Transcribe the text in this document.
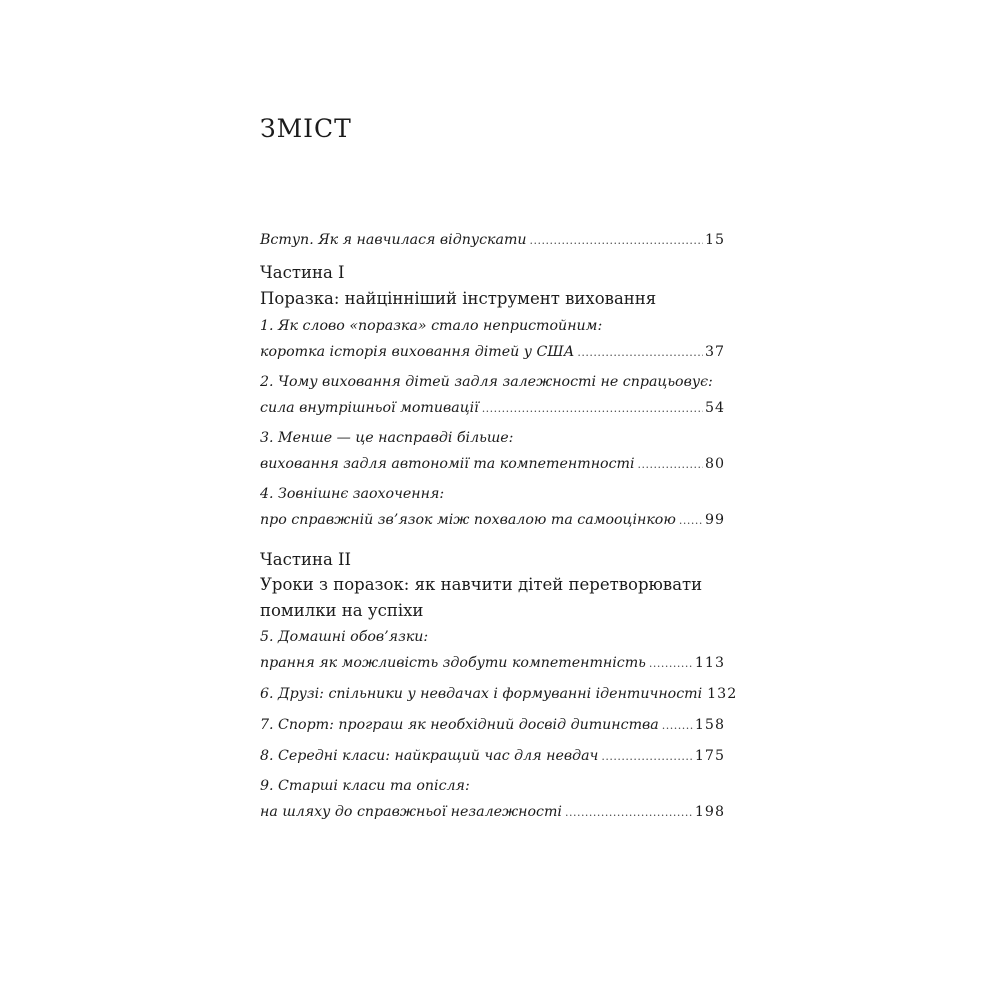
ЗМІСТ
Вступ. Як я навчилася відпускати .....	15
Частина І
Поразка: найцінніший інструмент виховання
1. Як слово «поразка» стало непристойним:
коротка історія виховання дітей у США .....	37
2. Чому виховання дітей задля залежності не спрацьовує:
сила внутрішньої мотивації .....	54
3. Менше — це насправді більше:
виховання задля автономії та компетентності .....	80
4. Зовнішнє заохочення:
про справжній зв’язок між похвалою та самооцінкою ..... 99
Частина ІІ
Уроки з поразок: як навчити дітей перетворювати
помилки на успіхи
5. Домашні обов’язки:
прання як можливість здобути компетентність .....	113
6. Друзі: спільники у невдачах і формуванні ідентичності 132
7. Спорт: програш як необхідний досвід дитинства .....	158
8. Середні класи: найкращий час для невдач .....	175
9. Старші класи та опісля:
на шляху до справжньої незалежності .....	198
